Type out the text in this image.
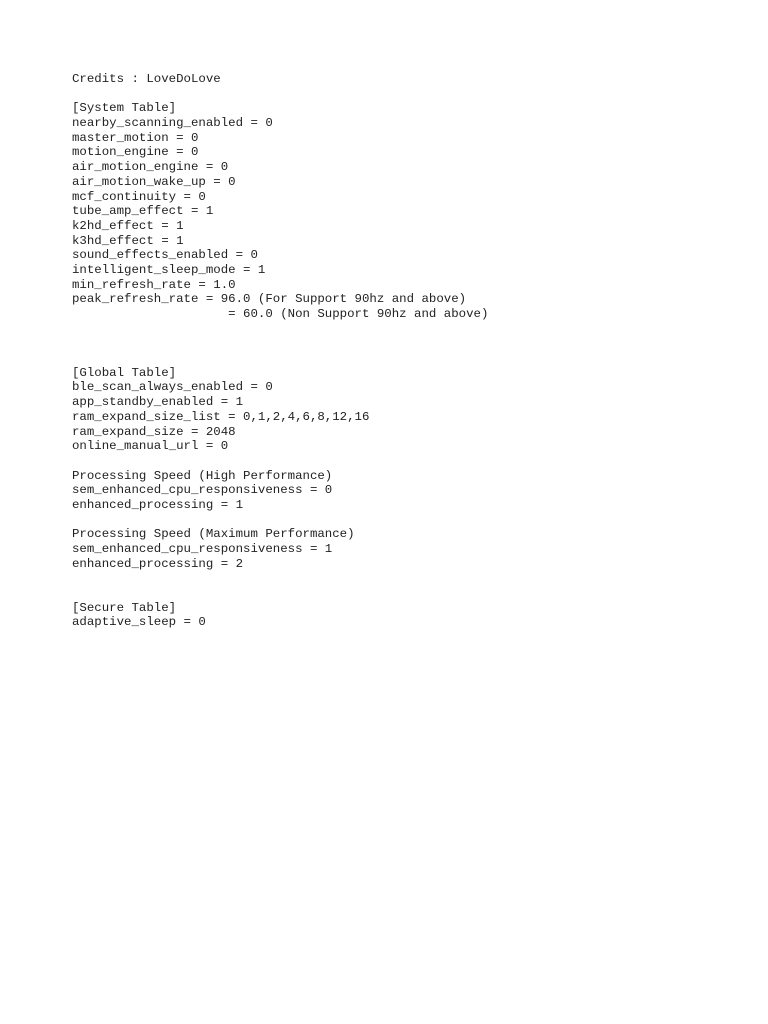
Credits : LoveDoLove
[System Table]
nearby_scanning_enabled = 0
master_motion = 0
motion_engine = 0
air_motion_engine = 0
air_motion_wake_up = 0
mcf_continuity = 0
tube_amp_effect = 1
k2hd_effect = 1
k3hd_effect = 1
sound_effects_enabled = 0
intelligent_sleep_mode = 1
min_refresh_rate = 1.0
peak_refresh_rate = 96.0 (For Support 90hz and above)
= 60.0 (Non Support 90hz and above)
[Global Table]
ble_scan_always_enabled = 0
app_standby_enabled = 1
ram_expand_size_list = 0,1,2,4,6,8,12,16
ram_expand_size = 2048
online_manual_url = 0
Processing Speed (High Performance)
sem_enhanced_cpu_responsiveness = 0
enhanced_processing = 1
Processing Speed (Maximum Performance)
sem_enhanced_cpu_responsiveness = 1
enhanced_processing = 2
[Secure Table]
adaptive_sleep = 0
